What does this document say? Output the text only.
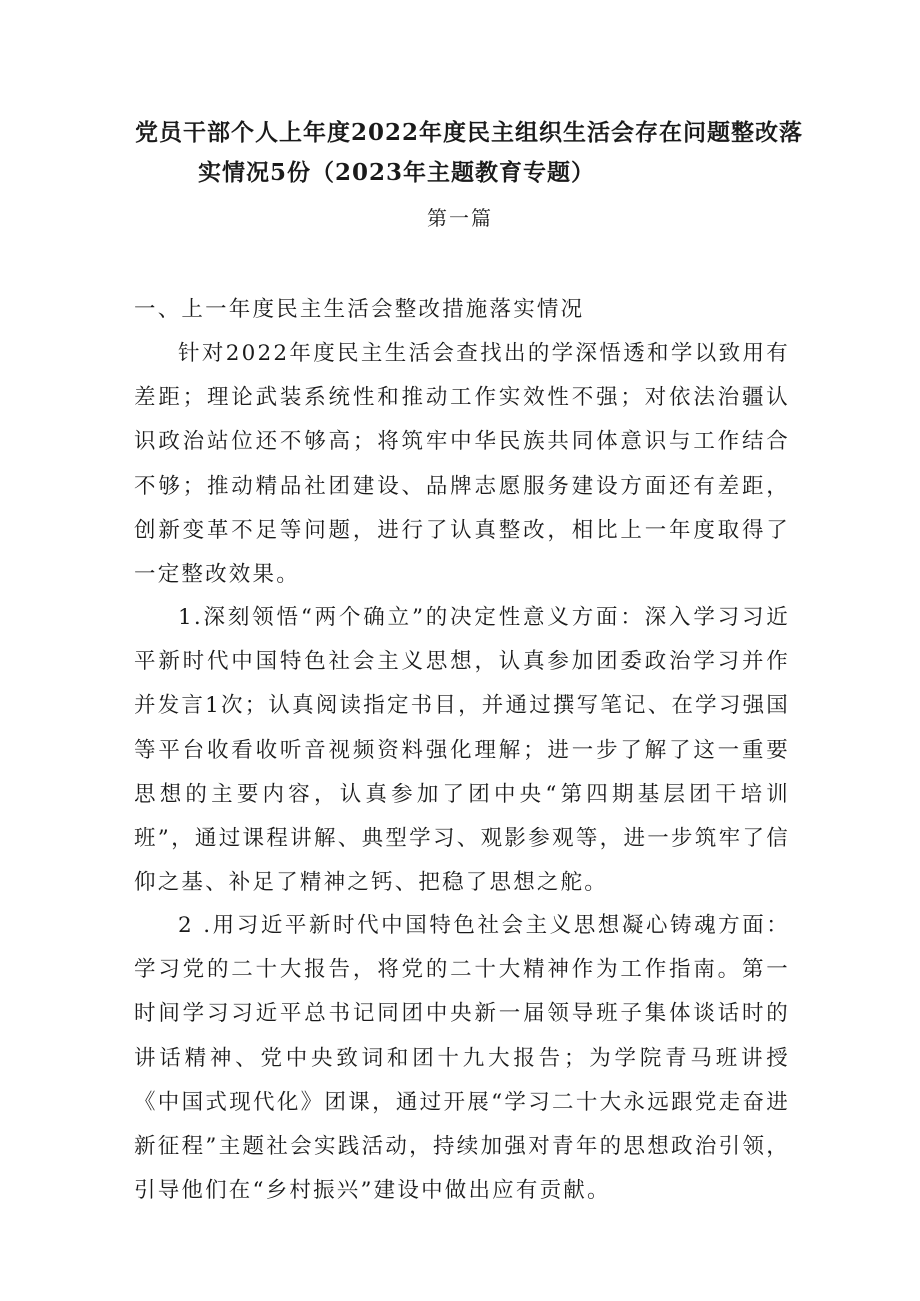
党员干部个人上年度2022年度民主组织生活会存在问题整改落
实情况5份（2023年主题教育专题）
第一篇

一、上一年度民主生活会整改措施落实情况

针对2022年度民主生活会查找出的学深悟透和学以致用有差距；理论武装系统性和推动工作实效性不强；对依法治疆认识政治站位还不够高；将筑牢中华民族共同体意识与工作结合不够；推动精品社团建设、品牌志愿服务建设方面还有差距，创新变革不足等问题，进行了认真整改，相比上一年度取得了一定整改效果。

1.深刻领悟“两个确立”的决定性意义方面：深入学习习近平新时代中国特色社会主义思想，认真参加团委政治学习并作并发言1次；认真阅读指定书目，并通过撰写笔记、在学习强国等平台收看收听音视频资料强化理解；进一步了解了这一重要思想的主要内容，认真参加了团中央“第四期基层团干培训班”，通过课程讲解、典型学习、观影参观等，进一步筑牢了信仰之基、补足了精神之钙、把稳了思想之舵。

2 .用习近平新时代中国特色社会主义思想凝心铸魂方面：学习党的二十大报告，将党的二十大精神作为工作指南。第一时间学习习近平总书记同团中央新一届领导班子集体谈话时的讲话精神、党中央致词和团十九大报告；为学院青马班讲授《中国式现代化》团课，通过开展“学习二十大永远跟党走奋进新征程”主题社会实践活动，持续加强对青年的思想政治引领，引导他们在“乡村振兴”建设中做出应有贡献。
